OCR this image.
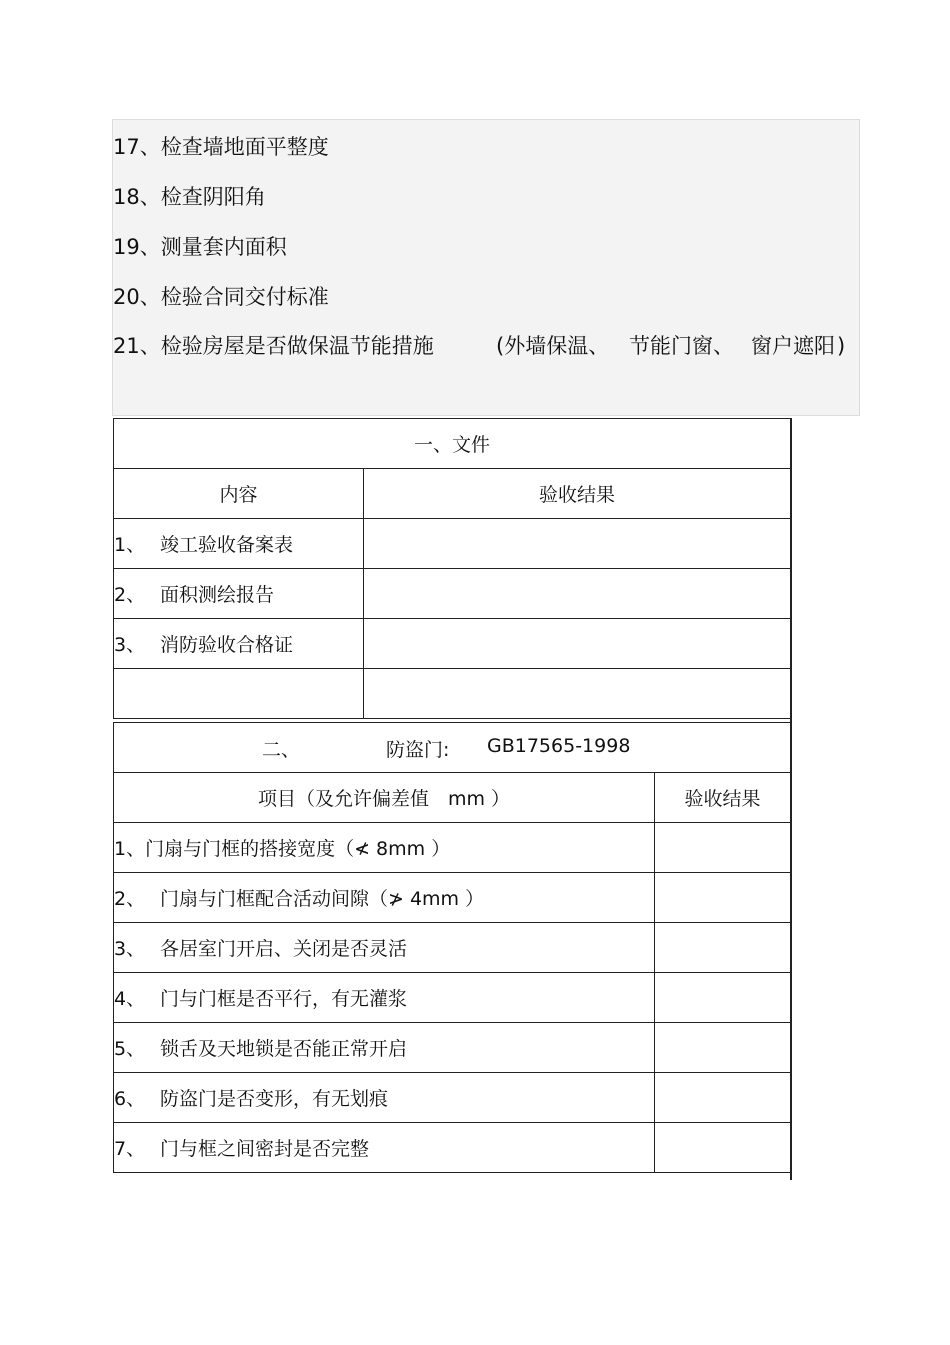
17、检查墙地面平整度
18、检查阴阳角
19、测量套内面积
20、检验合同交付标准
21、检验房屋是否做保温节能措施	(外墙保温、 节能门窗、 窗户遮阳 )
一、文件	
内容	验收结果
1、 竣工验收备案表	
2、 面积测绘报告	
3、 消防验收合格证	

二、 防盗门: GB17565-1998	

项目（及允许偏差值　mm ）	验收结果
1、门扇与门框的搭接宽度（≮ 8mm ）	
2、 门扇与门框配合活动间隙（≯ 4mm ）	
3、 各居室门开启、关闭是否灵活	
4、 门与门框是否平行，有无灌浆	
5、 锁舌及天地锁是否能正常开启	
6、 防盗门是否变形，有无划痕	
7、 门与框之间密封是否完整	
